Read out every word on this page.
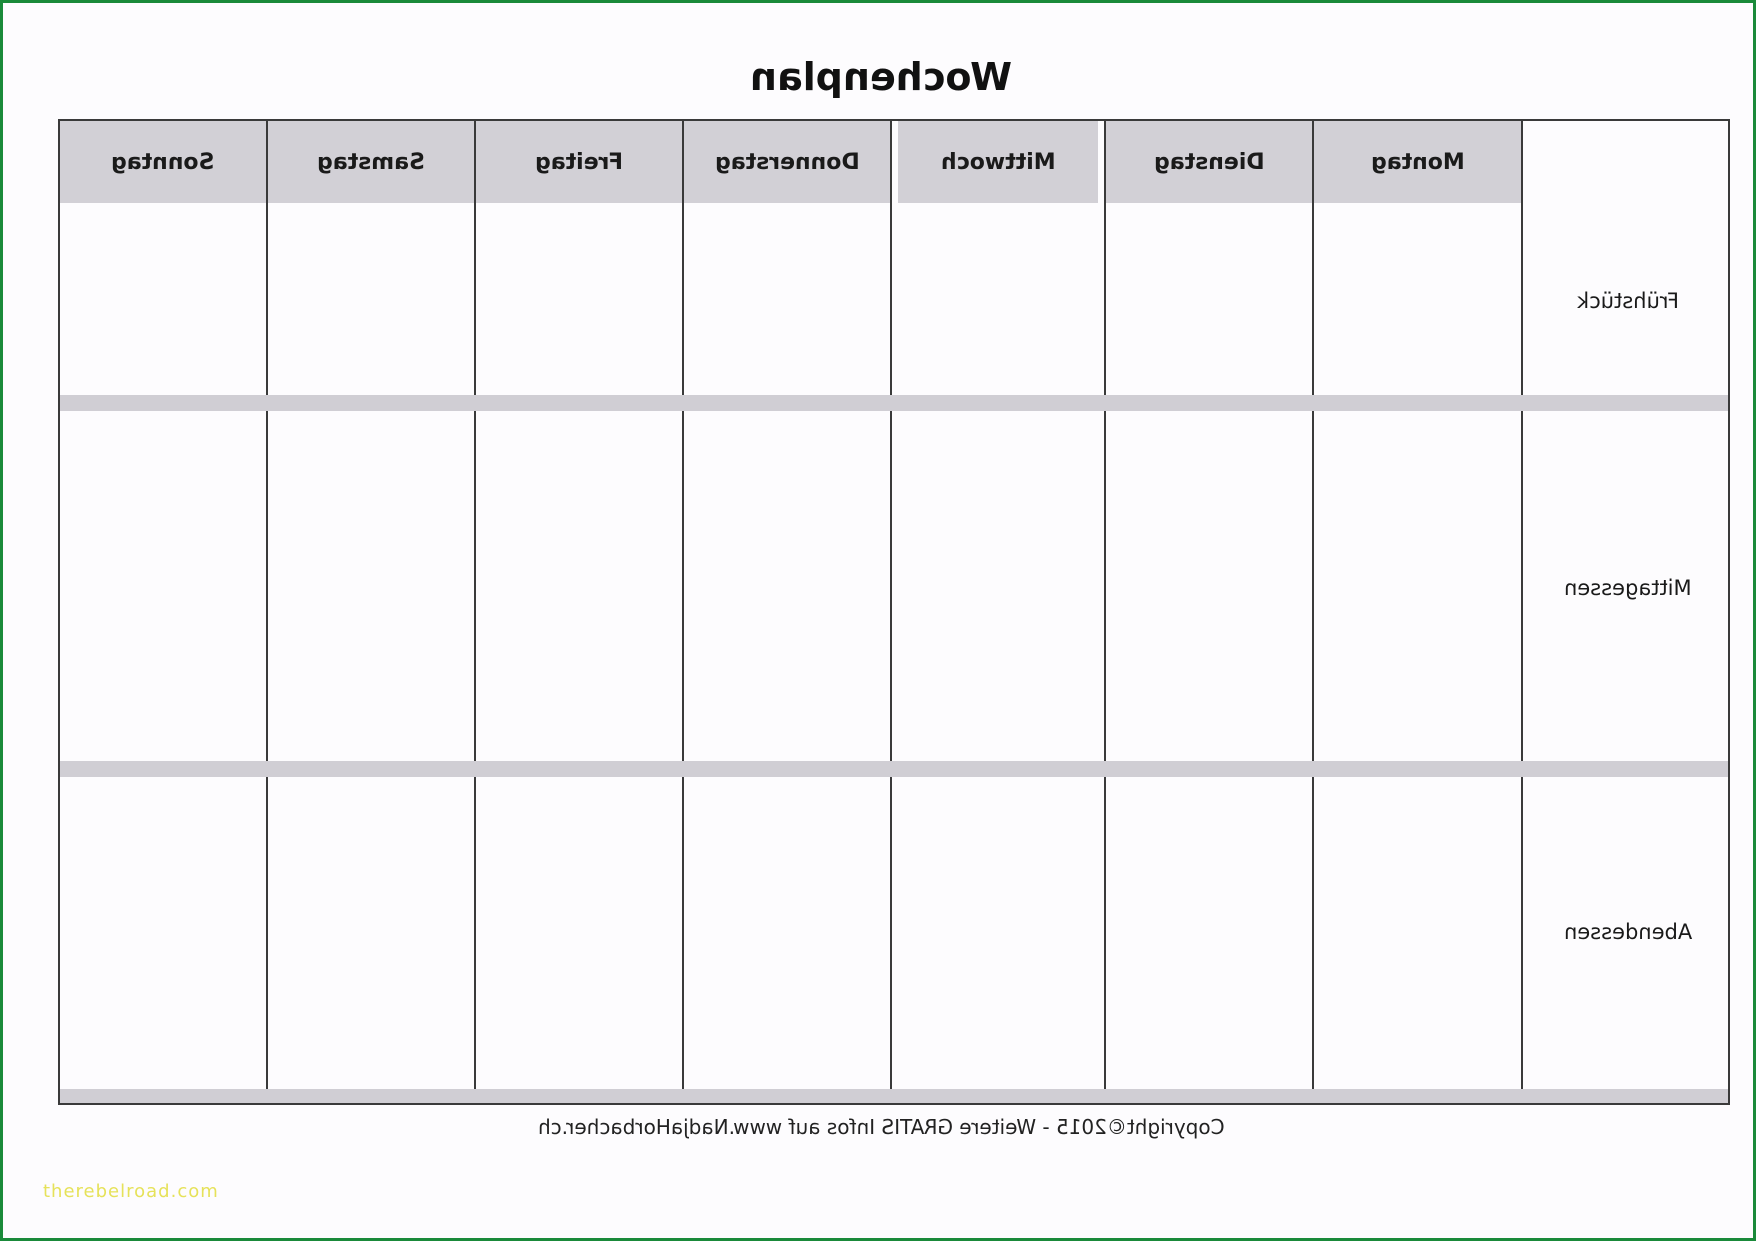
Wochenplan
Montag
Dienstag
Mittwoch
Donnerstag
Freitag
Samstag
Sonntag
Frühstück
Mittagessen
Abendessen
Copyright©2015 - Weitere GRATIS Infos auf www.NadjaHorbacher.ch
therebelroad.com
